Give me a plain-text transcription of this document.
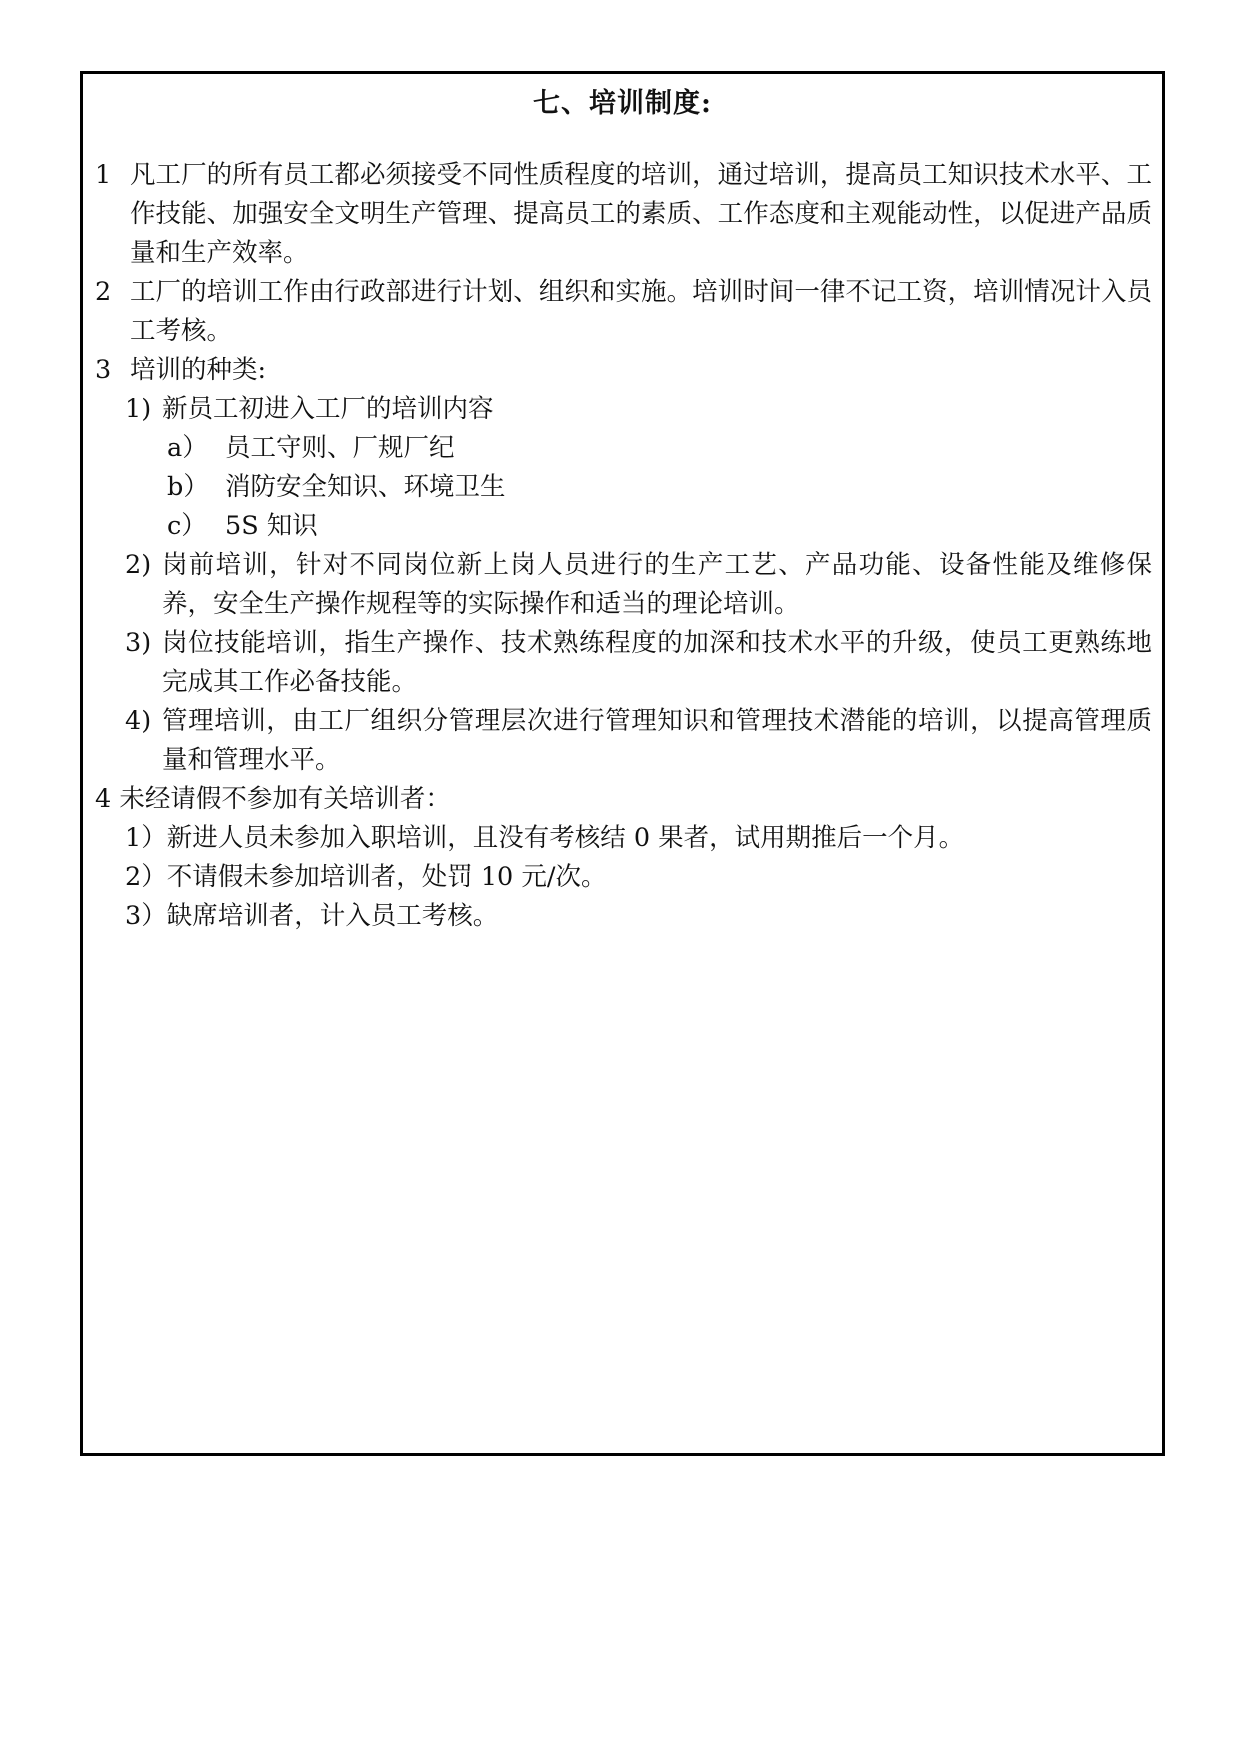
七、培训制度:
1 凡工厂的所有员工都必须接受不同性质程度的培训，通过培训，提高员工知识技术水平、工作技能、加强安全文明生产管理、提高员工的素质、工作态度和主观能动性，以促进产品质量和生产效率。
2 工厂的培训工作由行政部进行计划、组织和实施。培训时间一律不记工资，培训情况计入员工考核。
3 培训的种类:
1) 新员工初进入工厂的培训内容
a） 员工守则、厂规厂纪
b） 消防安全知识、环境卫生
c） 5S 知识
2) 岗前培训，针对不同岗位新上岗人员进行的生产工艺、产品功能、设备性能及维修保养，安全生产操作规程等的实际操作和适当的理论培训。
3) 岗位技能培训，指生产操作、技术熟练程度的加深和技术水平的升级，使员工更熟练地完成其工作必备技能。
4) 管理培训，由工厂组织分管理层次进行管理知识和管理技术潜能的培训，以提高管理质量和管理水平。
4 未经请假不参加有关培训者：
1）新进人员未参加入职培训，且没有考核结 0 果者，试用期推后一个月。
2）不请假未参加培训者，处罚 10 元/次。
3）缺席培训者，计入员工考核。
